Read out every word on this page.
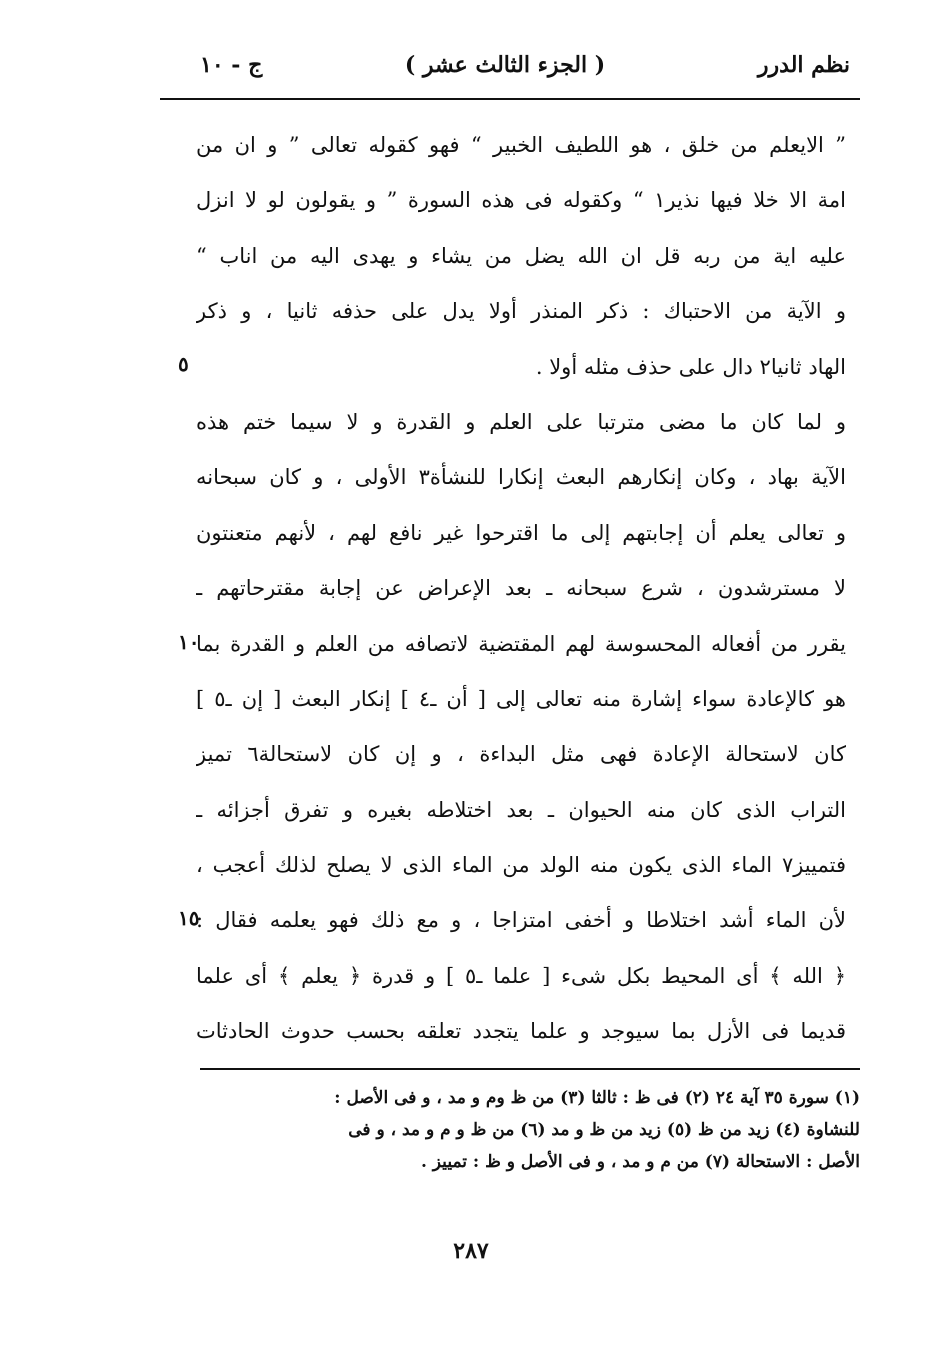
نظم الدرر
( الجزء الثالث عشر )
ج - ١٠
” الايعلم من خلق ، هو اللطيف الخبير “ فهو كقوله تعالى ” و ان من
امة الا خلا فيها نذير١ “ وكقوله فى هذه السورة ” و يقولون لو لا انزل
عليه اية من ربه قل ان الله يضل من يشاء و يهدى اليه من اناب “
و الآية من الاحتباك : ذكر المنذر أولا يدل على حذفه ثانيا ، و ذكر
الهاد ثانيا٢ دال على حذف مثله أولا .
و لما كان ما مضى مترتبا على العلم و القدرة و لا سيما ختم هذه
الآية بهاد ، وكان إنكارهم البعث إنكارا للنشأة٣ الأولى ، و كان سبحانه
و تعالى يعلم أن إجابتهم إلى ما اقترحوا غير نافع لهم ، لأنهم متعنتون
لا مسترشدون ، شرع سبحانه ـ بعد الإعراض عن إجابة مقترحاتهم ـ
يقرر من أفعاله المحسوسة لهم المقتضية لاتصافه من العلم و القدرة بما
هو كالإعادة سواء إشارة منه تعالى إلى [ أن ـ٤ ] إنكار البعث [ إن ـ٥ ]
كان لاستحالة الإعادة فهى مثل البداءة ، و إن كان لاستحالة٦ تميز
التراب الذى كان منه الحيوان ـ بعد اختلاطه بغيره و تفرق أجزائه ـ
فتمييز٧ الماء الذى يكون منه الولد من الماء الذى لا يصلح لذلك أعجب ،
لأن الماء أشد اختلاطا و أخفى امتزاجا ، و مع ذلك فهو يعلمه فقال :
﴿ الله ﴾ أى المحيط بكل شىء [ علما ـ٥ ] و قدرة ﴿ يعلم ﴾ أى علما
قديما فى الأزل بما سيوجد و علما يتجدد تعلقه بحسب حدوث الحادثات
٥
١٠
١٥
(١) سورة ٣٥ آية ٢٤ (٢) فى ظ : ثالثا (٣) من ظ وم و مد ، و فى الأصل :
للنشاوة (٤) زيد من ظ (٥) زيد من ظ و مد (٦) من ظ و م و مد ، و فى
الأصل : الاستحالة (٧) من م و مد ، و فى الأصل و ظ : تمييز .
٢٨٧
